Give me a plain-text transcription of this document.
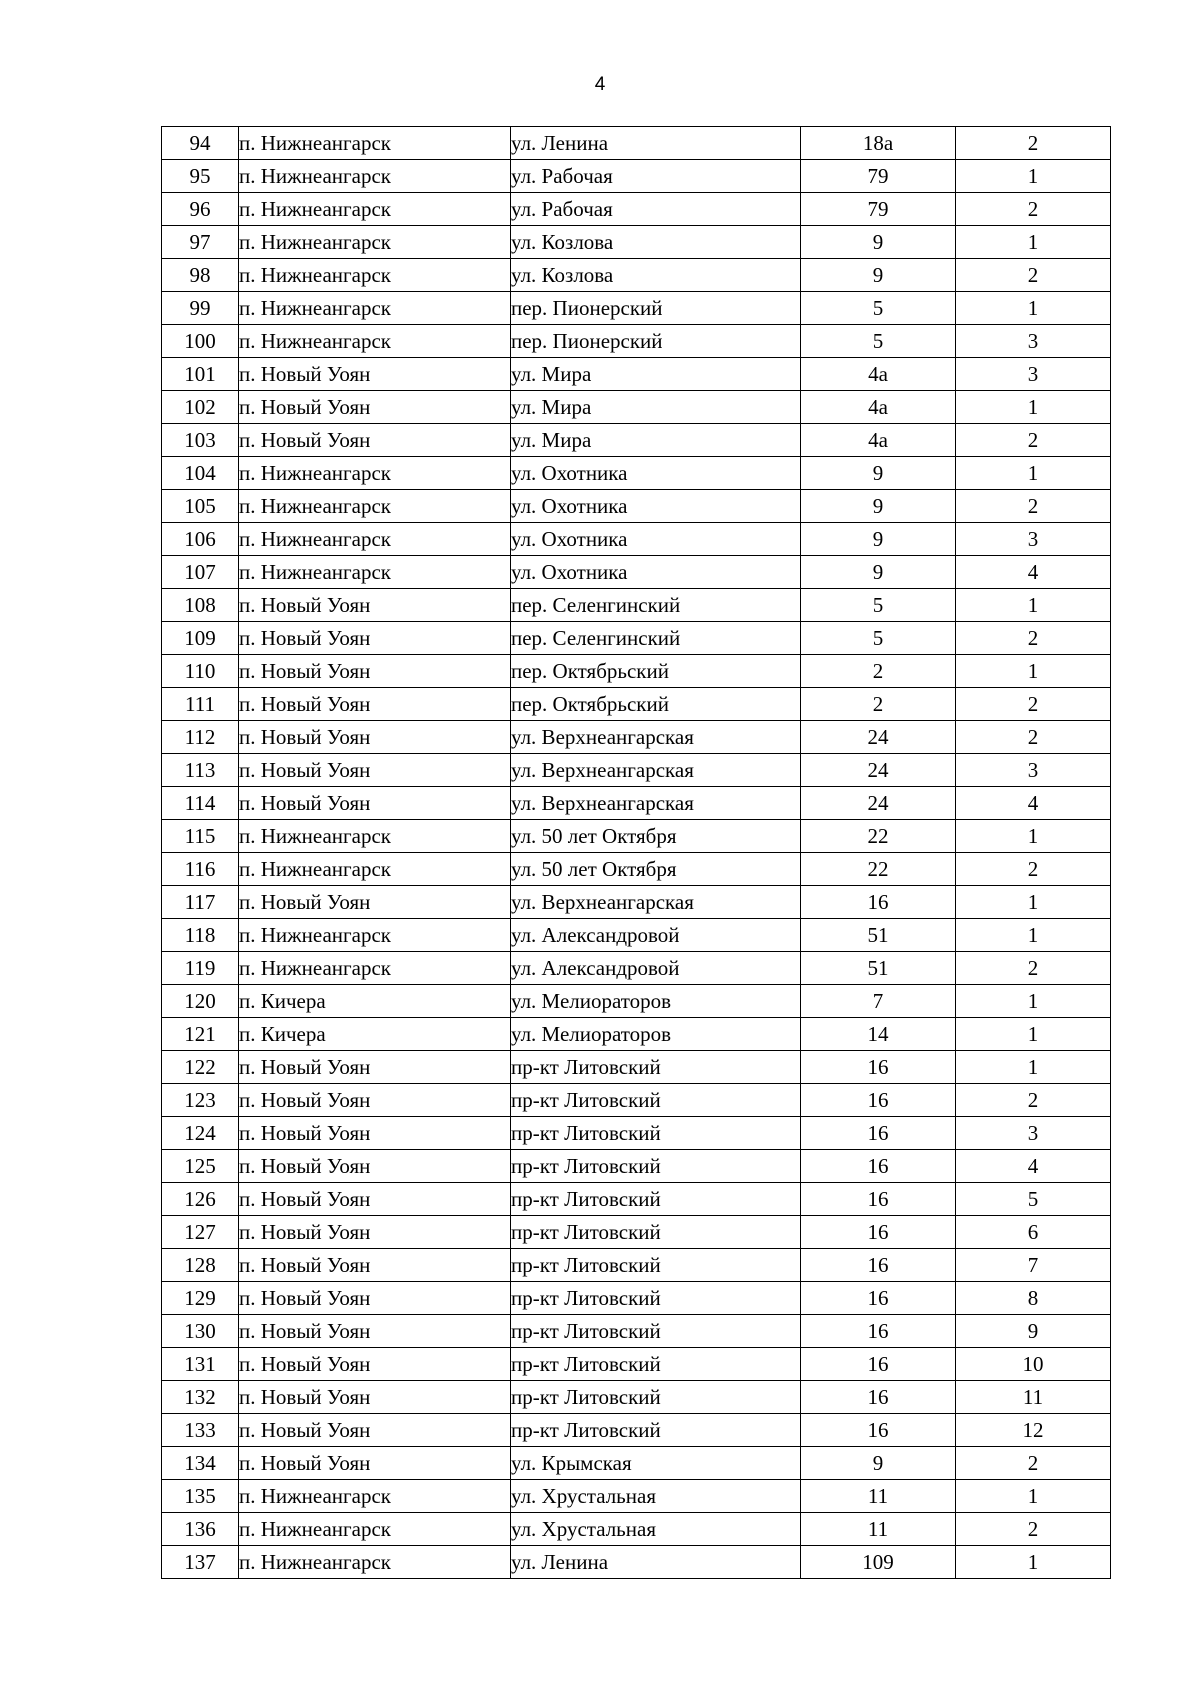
4
94	п. Нижнеангарск	ул. Ленина	18а	2
95	п. Нижнеангарск	ул. Рабочая	79	1
96	п. Нижнеангарск	ул. Рабочая	79	2
97	п. Нижнеангарск	ул. Козлова	9	1
98	п. Нижнеангарск	ул. Козлова	9	2
99	п. Нижнеангарск	пер. Пионерский	5	1
100	п. Нижнеангарск	пер. Пионерский	5	3
101	п. Новый Уоян	ул. Мира	4а	3
102	п. Новый Уоян	ул. Мира	4а	1
103	п. Новый Уоян	ул. Мира	4а	2
104	п. Нижнеангарск	ул. Охотника	9	1
105	п. Нижнеангарск	ул. Охотника	9	2
106	п. Нижнеангарск	ул. Охотника	9	3
107	п. Нижнеангарск	ул. Охотника	9	4
108	п. Новый Уоян	пер. Селенгинский	5	1
109	п. Новый Уоян	пер. Селенгинский	5	2
110	п. Новый Уоян	пер. Октябрьский	2	1
111	п. Новый Уоян	пер. Октябрьский	2	2
112	п. Новый Уоян	ул. Верхнеангарская	24	2
113	п. Новый Уоян	ул. Верхнеангарская	24	3
114	п. Новый Уоян	ул. Верхнеангарская	24	4
115	п. Нижнеангарск	ул. 50 лет Октября	22	1
116	п. Нижнеангарск	ул. 50 лет Октября	22	2
117	п. Новый Уоян	ул. Верхнеангарская	16	1
118	п. Нижнеангарск	ул. Александровой	51	1
119	п. Нижнеангарск	ул. Александровой	51	2
120	п. Кичера	ул. Мелиораторов	7	1
121	п. Кичера	ул. Мелиораторов	14	1
122	п. Новый Уоян	пр-кт Литовский	16	1
123	п. Новый Уоян	пр-кт Литовский	16	2
124	п. Новый Уоян	пр-кт Литовский	16	3
125	п. Новый Уоян	пр-кт Литовский	16	4
126	п. Новый Уоян	пр-кт Литовский	16	5
127	п. Новый Уоян	пр-кт Литовский	16	6
128	п. Новый Уоян	пр-кт Литовский	16	7
129	п. Новый Уоян	пр-кт Литовский	16	8
130	п. Новый Уоян	пр-кт Литовский	16	9
131	п. Новый Уоян	пр-кт Литовский	16	10
132	п. Новый Уоян	пр-кт Литовский	16	11
133	п. Новый Уоян	пр-кт Литовский	16	12
134	п. Новый Уоян	ул. Крымская	9	2
135	п. Нижнеангарск	ул. Хрустальная	11	1
136	п. Нижнеангарск	ул. Хрустальная	11	2
137	п. Нижнеангарск	ул. Ленина	109	1
